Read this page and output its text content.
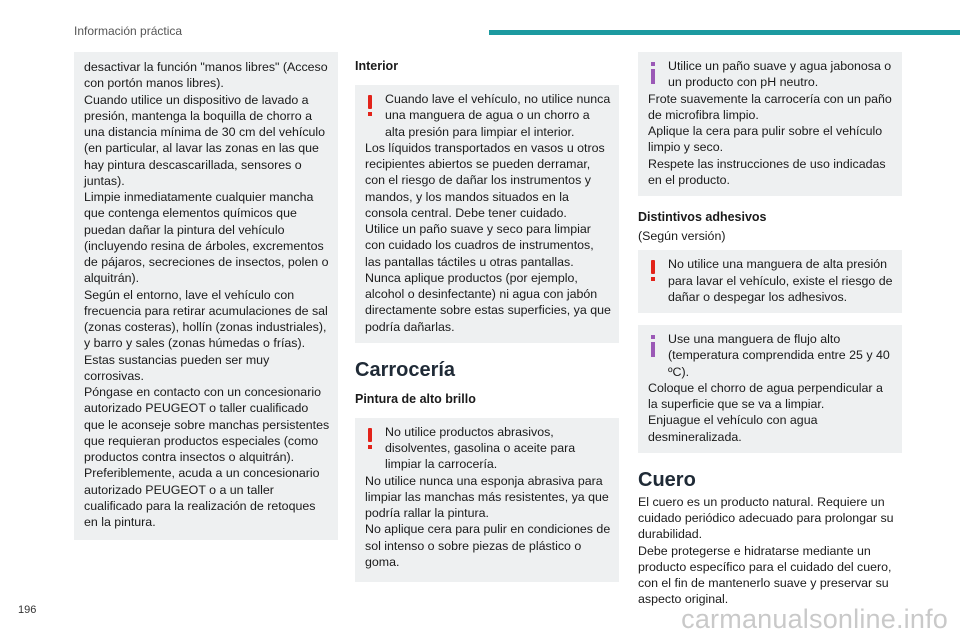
Información práctica

desactivar la función "manos libres" (Acceso con portón manos libres).

Cuando utilice un dispositivo de lavado a presión, mantenga la boquilla de chorro a una distancia mínima de 30 cm del vehículo (en particular, al lavar las zonas en las que hay pintura descascarillada, sensores o juntas).

Limpie inmediatamente cualquier mancha que contenga elementos químicos que puedan dañar la pintura del vehículo (incluyendo resina de árboles, excrementos de pájaros, secreciones de insectos, polen o alquitrán).

Según el entorno, lave el vehículo con frecuencia para retirar acumulaciones de sal (zonas costeras), hollín (zonas industriales), y barro y sales (zonas húmedas o frías). Estas sustancias pueden ser muy corrosivas.

Póngase en contacto con un concesionario autorizado PEUGEOT o taller cualificado que le aconseje sobre manchas persistentes que requieran productos especiales (como productos contra insectos o alquitrán).

Preferiblemente, acuda a un concesionario autorizado PEUGEOT o a un taller cualificado para la realización de retoques en la pintura.

Interior

Cuando lave el vehículo, no utilice nunca una manguera de agua o un chorro a alta presión para limpiar el interior.

Los líquidos transportados en vasos u otros recipientes abiertos se pueden derramar, con el riesgo de dañar los instrumentos y mandos, y los mandos situados en la consola central. Debe tener cuidado.

Utilice un paño suave y seco para limpiar con cuidado los cuadros de instrumentos, las pantallas táctiles u otras pantallas.

Nunca aplique productos (por ejemplo, alcohol o desinfectante) ni agua con jabón directamente sobre estas superficies, ya que podría dañarlas.

Carrocería

Pintura de alto brillo

No utilice productos abrasivos, disolventes, gasolina o aceite para limpiar la carrocería.

No utilice nunca una esponja abrasiva para limpiar las manchas más resistentes, ya que podría rallar la pintura.

No aplique cera para pulir en condiciones de sol intenso o sobre piezas de plástico o goma.

Utilice un paño suave y agua jabonosa o un producto con pH neutro.

Frote suavemente la carrocería con un paño de microfibra limpio.

Aplique la cera para pulir sobre el vehículo limpio y seco.

Respete las instrucciones de uso indicadas en el producto.

Distintivos adhesivos

(Según versión)

No utilice una manguera de alta presión para lavar el vehículo, existe el riesgo de dañar o despegar los adhesivos.

Use una manguera de flujo alto (temperatura comprendida entre 25 y 40 ºC).

Coloque el chorro de agua perpendicular a la superficie que se va a limpiar.

Enjuague el vehículo con agua desmineralizada.

Cuero

El cuero es un producto natural. Requiere un cuidado periódico adecuado para prolongar su durabilidad.

Debe protegerse e hidratarse mediante un producto específico para el cuidado del cuero, con el fin de mantenerlo suave y preservar su aspecto original.

196	carmanualsonline.info
